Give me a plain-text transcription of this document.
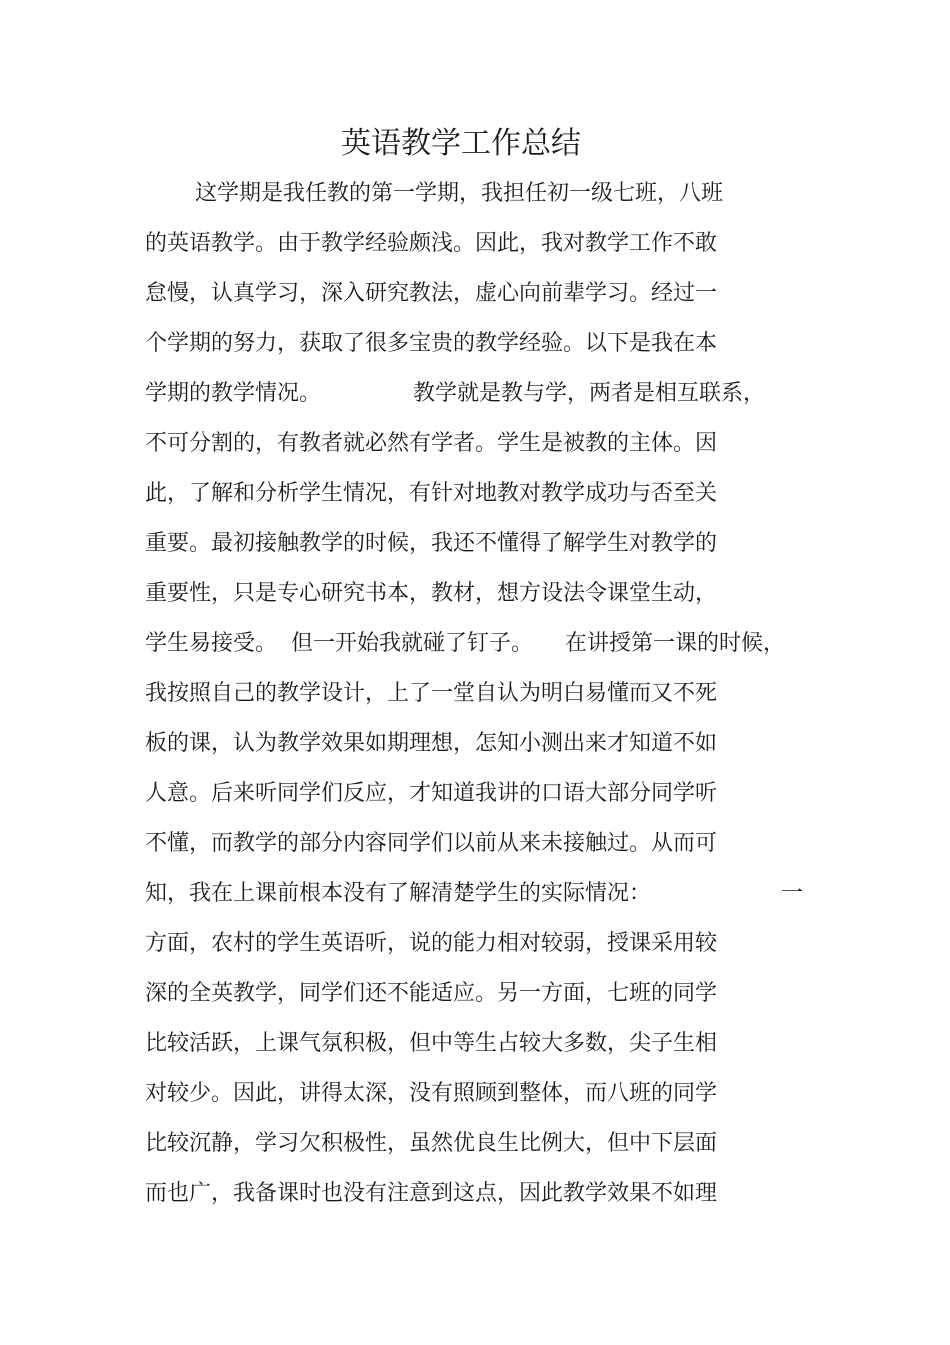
英语教学工作总结
这学期是我任教的第一学期，我担任初一级七班，八班
的英语教学。由于教学经验颇浅。因此，我对教学工作不敢
怠慢，认真学习，深入研究教法，虚心向前辈学习。经过一
个学期的努力，获取了很多宝贵的教学经验。以下是我在本
学期的教学情况。	教学就是教与学，两者是相互联系，
不可分割的，有教者就必然有学者。学生是被教的主体。因
此，了解和分析学生情况，有针对地教对教学成功与否至关
重要。最初接触教学的时候，我还不懂得了解学生对教学的
重要性，只是专心研究书本，教材，想方设法令课堂生动，
学生易接受。 但一开始我就碰了钉子。 在讲授第一课的时候，
我按照自己的教学设计，上了一堂自认为明白易懂而又不死
板的课，认为教学效果如期理想，怎知小测出来才知道不如
人意。后来听同学们反应，才知道我讲的口语大部分同学听
不懂，而教学的部分内容同学们以前从来未接触过。从而可
知，我在上课前根本没有了解清楚学生的实际情况：	一
方面，农村的学生英语听，说的能力相对较弱，授课采用较
深的全英教学，同学们还不能适应。另一方面，七班的同学
比较活跃，上课气氛积极，但中等生占较大多数，尖子生相
对较少。因此，讲得太深，没有照顾到整体，而八班的同学
比较沉静，学习欠积极性，虽然优良生比例大，但中下层面
而也广，我备课时也没有注意到这点，因此教学效果不如理
